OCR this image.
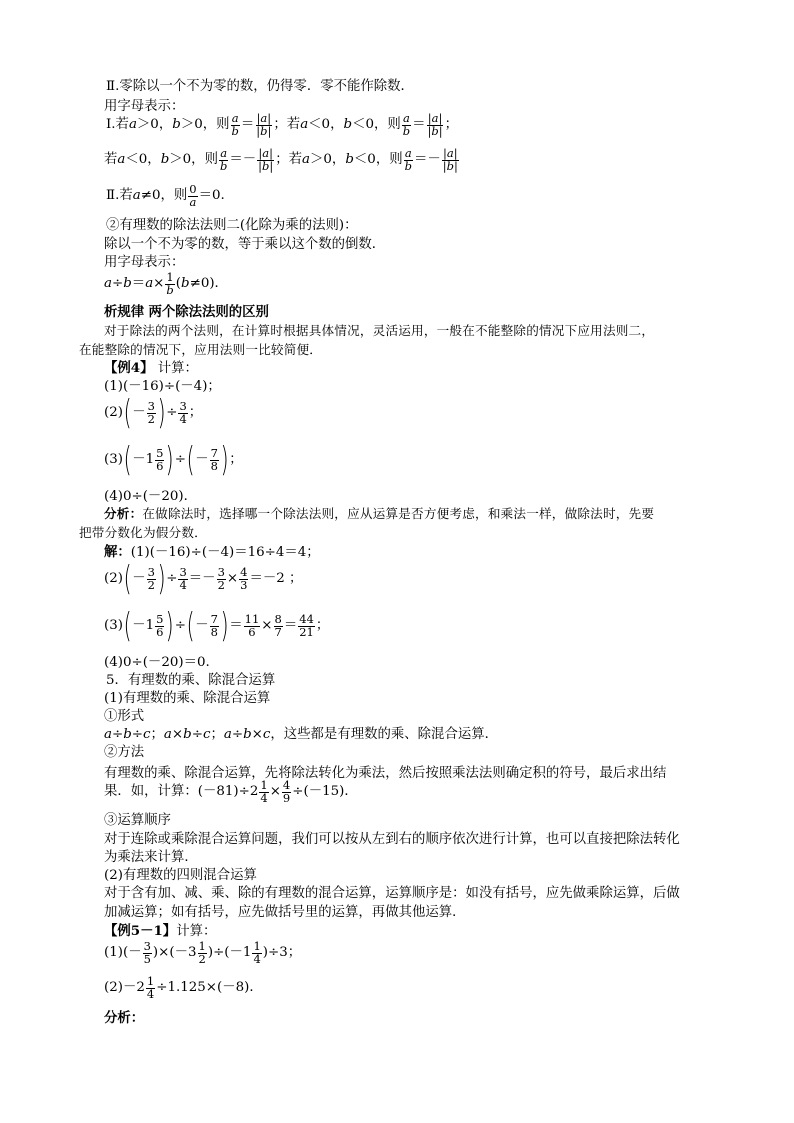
Ⅱ.零除以一个不为零的数，仍得零．零不能作除数．
用字母表示：
Ⅰ.若 a ＞0， b ＞0，则 $\frac{a}{b} = \frac{|a|}{|b|}$ ；若 a ＜0， b ＜0，则 $\frac{a}{b} = \frac{|a|}{|b|}$ ；
若 a ＜0， b ＞0，则 $\frac{a}{b} =- \frac{|a|}{|b|}$ ；若 a ＞0， b ＜0，则 $\frac{a}{b} =- \frac{|a|}{|b|}$
Ⅱ.若 a ≠0，则 $\frac{0}{a} =0$.
②有理数的除法法则二(化除为乘的法则)：
除以一个不为零的数，等于乘以这个数的倒数．
用字母表示：
$a \div b = a \times \frac{1}{b}$ ( b ≠0)．
析规律 两个除法法则的区别
对于除法的两个法则，在计算时根据具体情况，灵活运用，一般在不能整除的情况下应用法则二，
在能整除的情况下，应用法则一比较简便．
【例4】 计算：
(1)(－16)÷(－4)；
(2) ( － $\frac{3}{2}$ ) ÷ $\frac{3}{4}$ ；
(3) ( $-1 \frac{5}{6}$ ) ÷ ( － $\frac{7}{8}$ ) ；
(4)0÷(－20)．
分析：在做除法时，选择哪一个除法法则，应从运算是否方便考虑，和乘法一样，做除法时，先要
把带分数化为假分数．
解：(1)(－16)÷(－4)＝16÷4＝4；
(2) ( － $\frac{3}{2}$ ) ÷ $\frac{3}{4} =- \frac{3}{2} \times \frac{4}{3} =-2$ ；
(3) ( $-1 \frac{5}{6}$ ) ÷ ( － $\frac{7}{8}$ ) ＝ $\frac{11}{6} \times \frac{8}{7} = \frac{44}{21}$ ；
(4)0÷(－20)＝0.
5．有理数的乘、除混合运算
(1)有理数的乘、除混合运算
①形式
a÷b÷c；a×b÷c；a÷b×c，这些都是有理数的乘、除混合运算．
②方法
有理数的乘、除混合运算，先将除法转化为乘法，然后按照乘法法则确定积的符号，最后求出结
果．如，计算：$(-81)\div 2 \frac{1}{4} \times \frac{4}{9} \div(-15)$．
③运算顺序
对于连除或乘除混合运算问题，我们可以按从左到右的顺序依次进行计算，也可以直接把除法转化
为乘法来计算．
(2)有理数的四则混合运算
对于含有加、减、乘、除的有理数的混合运算，运算顺序是：如没有括号，应先做乘除运算，后做
加减运算；如有括号，应先做括号里的运算，再做其他运算．
【例5－1】计算：
$(1)(- \frac{3}{5} )\times(-3 \frac{1}{2} )\div(-1 \frac{1}{4} )\div 3$；
$(2)-2 \frac{1}{4} \div 1.125\times(-8)$．
分析：
